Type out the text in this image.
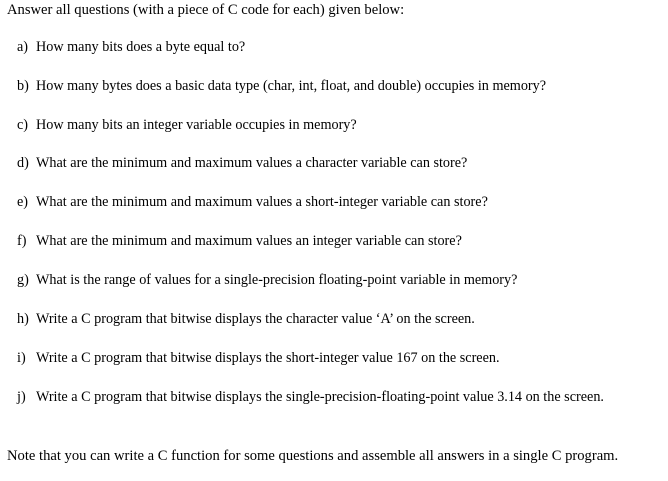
Answer all questions (with a piece of C code for each) given below:
a) How many bits does a byte equal to?
b) How many bytes does a basic data type (char, int, float, and double) occupies in memory?
c) How many bits an integer variable occupies in memory?
d) What are the minimum and maximum values a character variable can store?
e) What are the minimum and maximum values a short-integer variable can store?
f) What are the minimum and maximum values an integer variable can store?
g) What is the range of values for a single-precision floating-point variable in memory?
h) Write a C program that bitwise displays the character value ‘A’ on the screen.
i) Write a C program that bitwise displays the short-integer value 167 on the screen.
j) Write a C program that bitwise displays the single-precision-floating-point value 3.14 on the screen.
Note that you can write a C function for some questions and assemble all answers in a single C program.
